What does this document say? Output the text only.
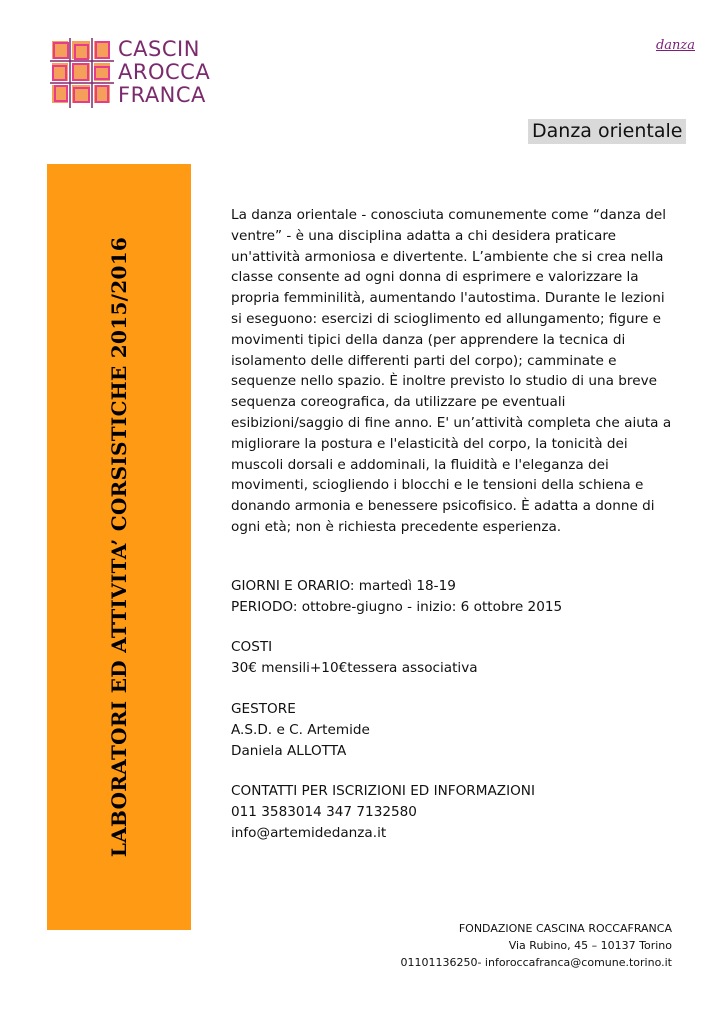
CASCIN
AROCCA
FRANCA
danza
Danza orientale
LABORATORI ED ATTIVITA’ CORSISTICHE 2015/2016

La danza orientale - conosciuta comunemente come “danza del ventre” - è una disciplina adatta a chi desidera praticare un'attività armoniosa e divertente. L’ambiente che si crea nella classe consente ad ogni donna di esprimere e valorizzare la propria femminilità, aumentando l'autostima. Durante le lezioni si eseguono: esercizi di scioglimento ed allungamento; figure e movimenti tipici della danza (per apprendere la tecnica di isolamento delle differenti parti del corpo); camminate e sequenze nello spazio. È inoltre previsto lo studio di una breve sequenza coreografica, da utilizzare pe eventuali esibizioni/saggio di fine anno. E' un’attività completa che aiuta a migliorare la postura e l'elasticità del corpo, la tonicità dei muscoli dorsali e addominali, la fluidità e l'eleganza dei movimenti, sciogliendo i blocchi e le tensioni della schiena e donando armonia e benessere psicofisico. È adatta a donne di ogni età; non è richiesta precedente esperienza.

GIORNI E ORARIO: martedì 18-19
PERIODO: ottobre-giugno - inizio: 6 ottobre 2015
COSTI
30€ mensili+10€tessera associativa
GESTORE
A.S.D. e C. Artemide
Daniela ALLOTTA
CONTATTI PER ISCRIZIONI ED INFORMAZIONI
011 3583014 347 7132580
info@artemidedanza.it
FONDAZIONE CASCINA ROCCAFRANCA
Via Rubino, 45 – 10137 Torino
01101136250- inforoccafranca@comune.torino.it
